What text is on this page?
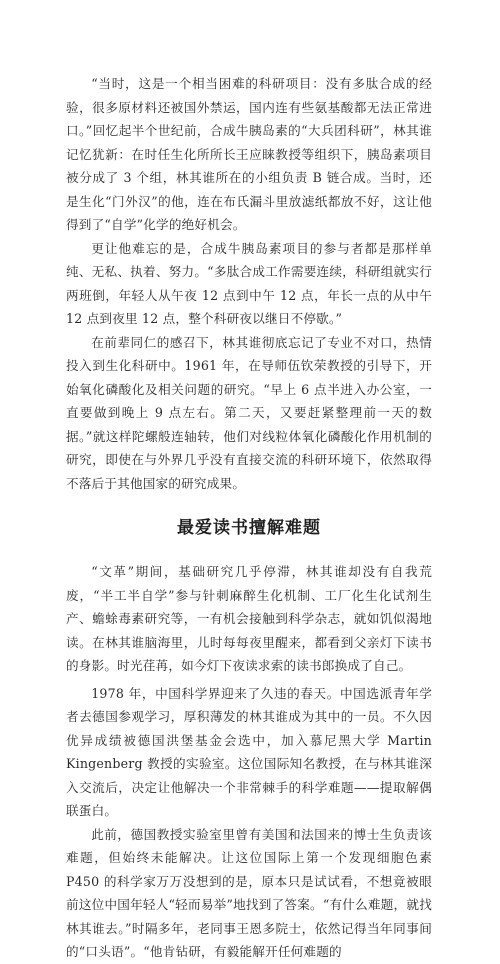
“当时，这是一个相当困难的科研项目：没有多肽合成的经验，很多原材料还被国外禁运，国内连有些氨基酸都无法正常进口。”回忆起半个世纪前，合成牛胰岛素的“大兵团科研”，林其谁记忆犹新：在时任生化所所长王应睐教授等组织下，胰岛素项目被分成了 3 个组，林其谁所在的小组负责 B 链合成。当时，还是生化“门外汉”的他，连在布氏漏斗里放滤纸都放不好，这让他得到了“自学”化学的绝好机会。

更让他难忘的是，合成牛胰岛素项目的参与者都是那样单纯、无私、执着、努力。“多肽合成工作需要连续，科研组就实行两班倒，年轻人从午夜 12 点到中午 12 点，年长一点的从中午 12 点到夜里 12 点，整个科研夜以继日不停歇。”

在前辈同仁的感召下，林其谁彻底忘记了专业不对口，热情投入到生化科研中。1961 年，在导师伍钦荣教授的引导下，开始氧化磷酸化及相关问题的研究。“早上 6 点半进入办公室，一直要做到晚上 9 点左右。第二天，又要赶紧整理前一天的数据。”就这样陀螺般连轴转，他们对线粒体氧化磷酸化作用机制的研究，即使在与外界几乎没有直接交流的科研环境下，依然取得不落后于其他国家的研究成果。

最爱读书擅解难题

“文革”期间，基础研究几乎停滞，林其谁却没有自我荒废，“半工半自学”参与针刺麻醉生化机制、工厂化生化试剂生产、蟾蜍毒素研究等，一有机会接触到科学杂志，就如饥似渴地读。在林其谁脑海里，儿时每每夜里醒来，都看到父亲灯下读书的身影。时光荏苒，如今灯下夜读求索的读书郎换成了自己。

1978 年，中国科学界迎来了久违的春天。中国选派青年学者去德国参观学习，厚积薄发的林其谁成为其中的一员。不久因优异成绩被德国洪堡基金会选中，加入慕尼黑大学 Martin Kingenberg 教授的实验室。这位国际知名教授，在与林其谁深入交流后，决定让他解决一个非常棘手的科学难题——提取解偶联蛋白。

此前，德国教授实验室里曾有美国和法国来的博士生负责该难题，但始终未能解决。让这位国际上第一个发现细胞色素 P450 的科学家万万没想到的是，原本只是试试看，不想竟被眼前这位中国年轻人“轻而易举”地找到了答案。“有什么难题，就找林其谁去。”时隔多年，老同事王恩多院士，依然记得当年同事间的“口头语”。“他肯钻研，有毅能解开任何难题的
